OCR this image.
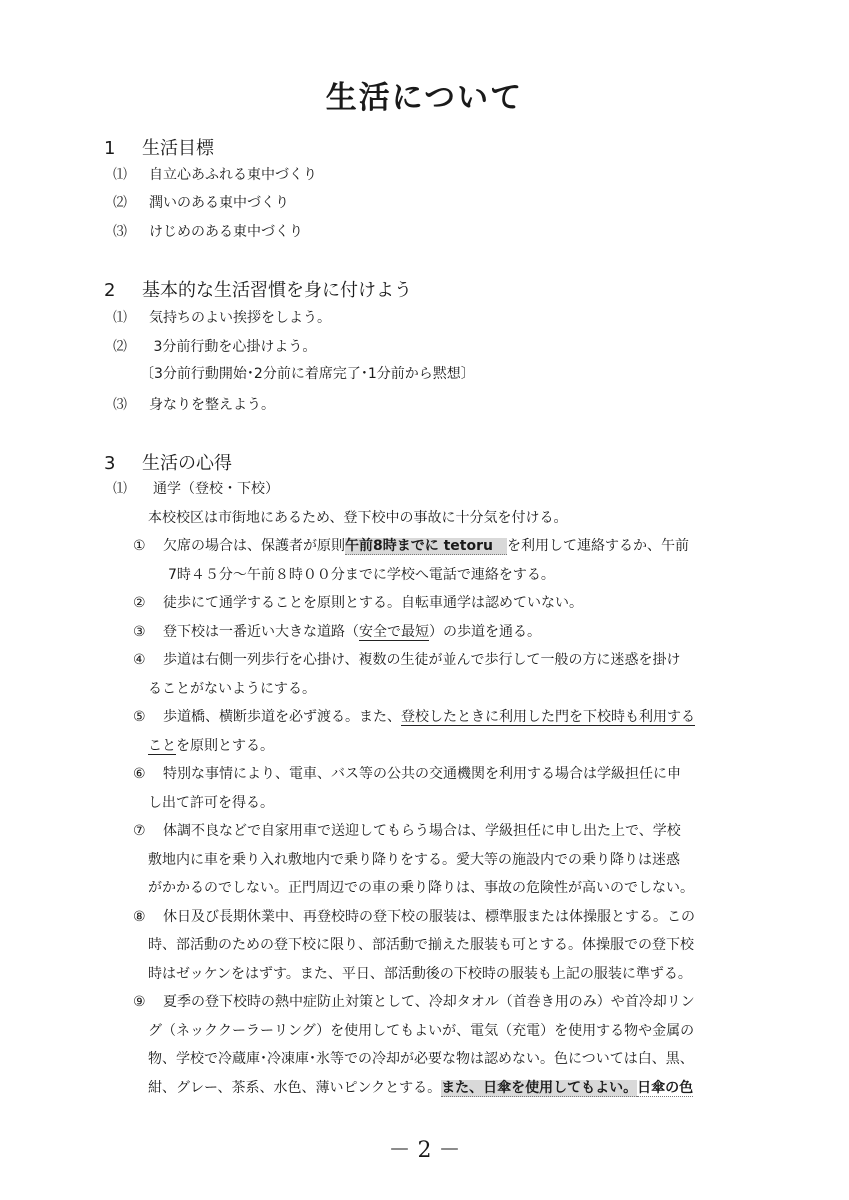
生活について
1 生活目標
⑴ 自立心あふれる東中づくり
⑵ 潤いのある東中づくり
⑶ けじめのある東中づくり
2 基本的な生活習慣を身に付けよう
⑴ 気持ちのよい挨拶をしよう。
⑵ 3分前行動を心掛けよう。
〔3分前行動開始･2分前に着席完了･1分前から黙想〕
⑶ 身なりを整えよう。
3 生活の心得
⑴ 通学（登校・下校）
本校校区は市街地にあるため、登下校中の事故に十分気を付ける。
① 欠席の場合は、保護者が原則午前8時までに tetoru　を利用して連絡するか、午前
7時４５分～午前８時００分までに学校へ電話で連絡をする。
② 徒歩にて通学することを原則とする。自転車通学は認めていない。
③ 登下校は一番近い大きな道路（安全で最短）の歩道を通る。
④ 歩道は右側一列歩行を心掛け、複数の生徒が並んで歩行して一般の方に迷惑を掛け
ることがないようにする。
⑤ 歩道橋、横断歩道を必ず渡る。また、登校したときに利用した門を下校時も利用する
ことを原則とする。
⑥ 特別な事情により、電車、バス等の公共の交通機関を利用する場合は学級担任に申
し出て許可を得る。
⑦ 体調不良などで自家用車で送迎してもらう場合は、学級担任に申し出た上で、学校
敷地内に車を乗り入れ敷地内で乗り降りをする。愛大等の施設内での乗り降りは迷惑
がかかるのでしない。正門周辺での車の乗り降りは、事故の危険性が高いのでしない。
⑧ 休日及び長期休業中、再登校時の登下校の服装は、標準服または体操服とする。この
時、部活動のための登下校に限り、部活動で揃えた服装も可とする。体操服での登下校
時はゼッケンをはずす。また、平日、部活動後の下校時の服装も上記の服装に準ずる。
⑨ 夏季の登下校時の熱中症防止対策として、冷却タオル（首巻き用のみ）や首冷却リン
グ（ネッククーラーリング）を使用してもよいが、電気（充電）を使用する物や金属の
物、学校で冷蔵庫･冷凍庫･氷等での冷却が必要な物は認めない。色については白、黒、
紺、グレー、茶系、水色、薄いピンクとする。また、日傘を使用してもよい。日傘の色
－ 2 －
